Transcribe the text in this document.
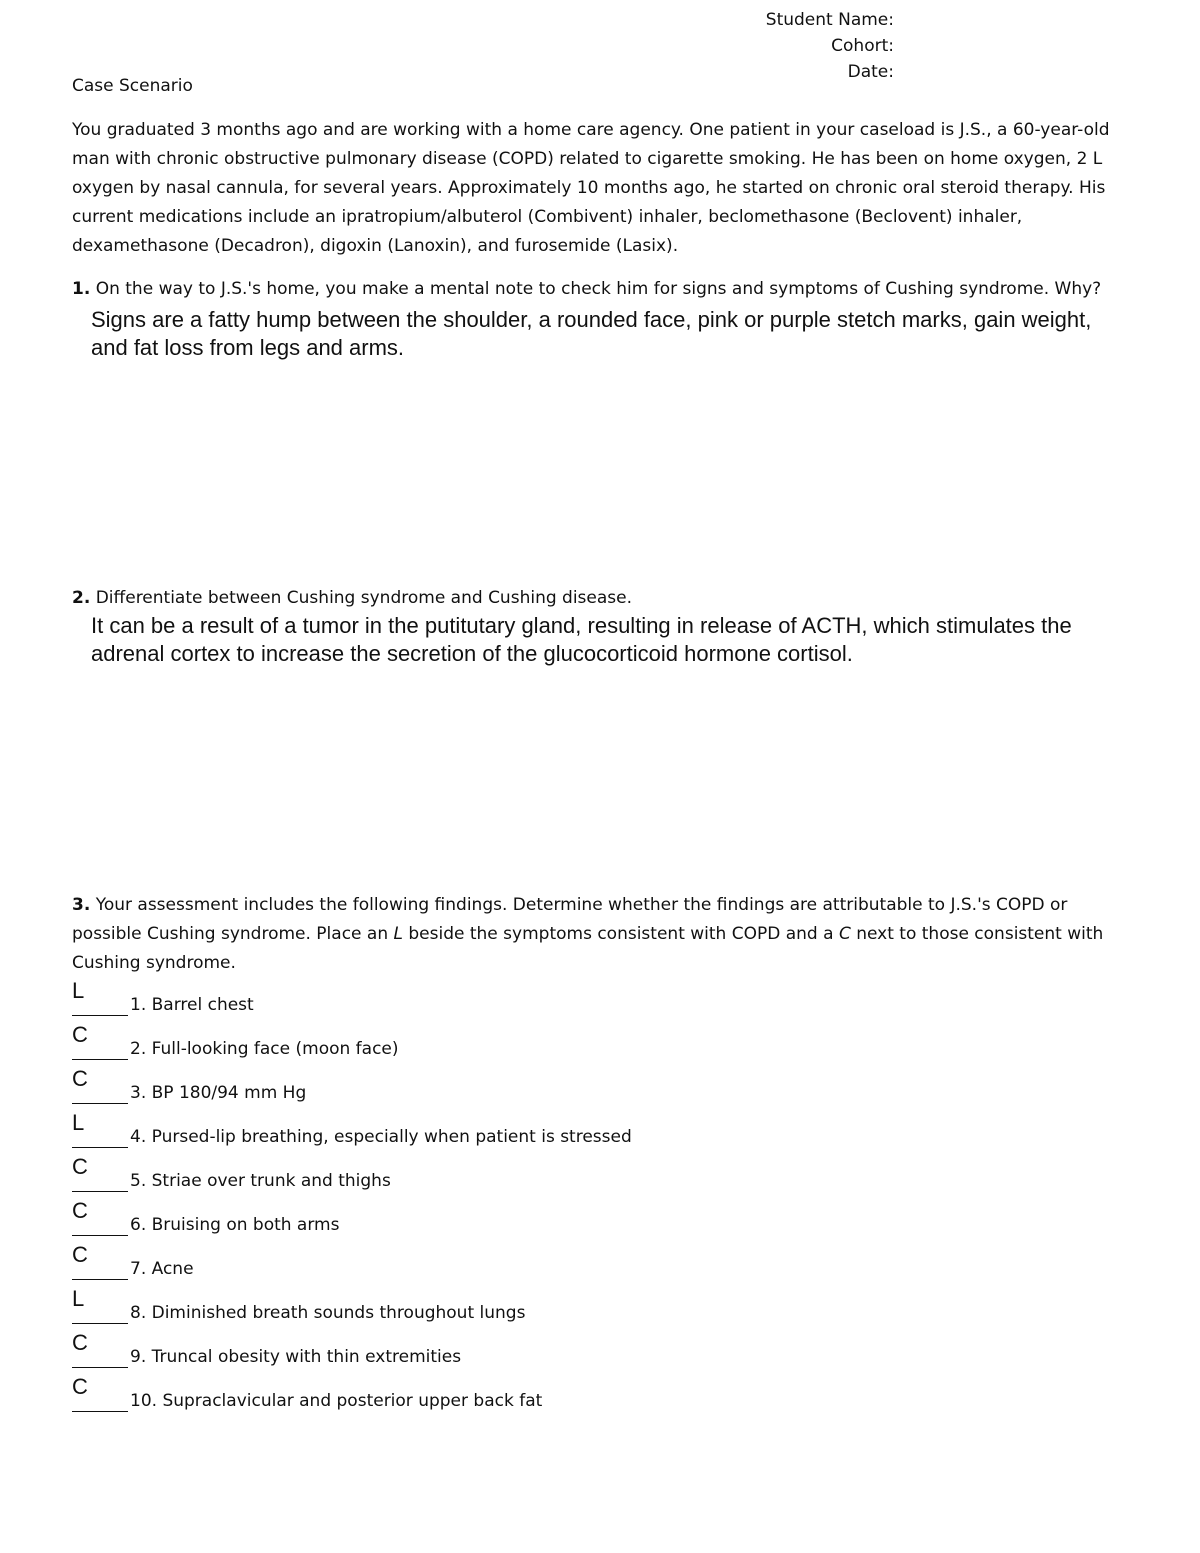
Student Name:
Cohort:
Date:
Case Scenario

You graduated 3 months ago and are working with a home care agency. One patient in your caseload is J.S., a 60-year-old man with chronic obstructive pulmonary disease (COPD) related to cigarette smoking. He has been on home oxygen, 2 L oxygen by nasal cannula, for several years. Approximately 10 months ago, he started on chronic oral steroid therapy. His current medications include an ipratropium/albuterol (Combivent) inhaler, beclomethasone (Beclovent) inhaler, dexamethasone (Decadron), digoxin (Lanoxin), and furosemide (Lasix).

1. On the way to J.S.'s home, you make a mental note to check him for signs and symptoms of Cushing syndrome. Why?

Signs are a fatty hump between the shoulder, a rounded face, pink or purple stetch marks, gain weight, and fat loss from legs and arms.

2. Differentiate between Cushing syndrome and Cushing disease.

It can be a result of a tumor in the putitutary gland, resulting in release of ACTH, which stimulates the adrenal cortex to increase the secretion of the glucocorticoid hormone cortisol.

3. Your assessment includes the following findings. Determine whether the findings are attributable to J.S.'s COPD or possible Cushing syndrome. Place an L beside the symptoms consistent with COPD and a C next to those consistent with Cushing syndrome.

L
1. Barrel chest
C
2. Full-looking face (moon face)
C
3. BP 180/94 mm Hg
L
4. Pursed-lip breathing, especially when patient is stressed
C
5. Striae over trunk and thighs
C
6. Bruising on both arms
C
7. Acne
L
8. Diminished breath sounds throughout lungs
C
9. Truncal obesity with thin extremities
C
10. Supraclavicular and posterior upper back fat
